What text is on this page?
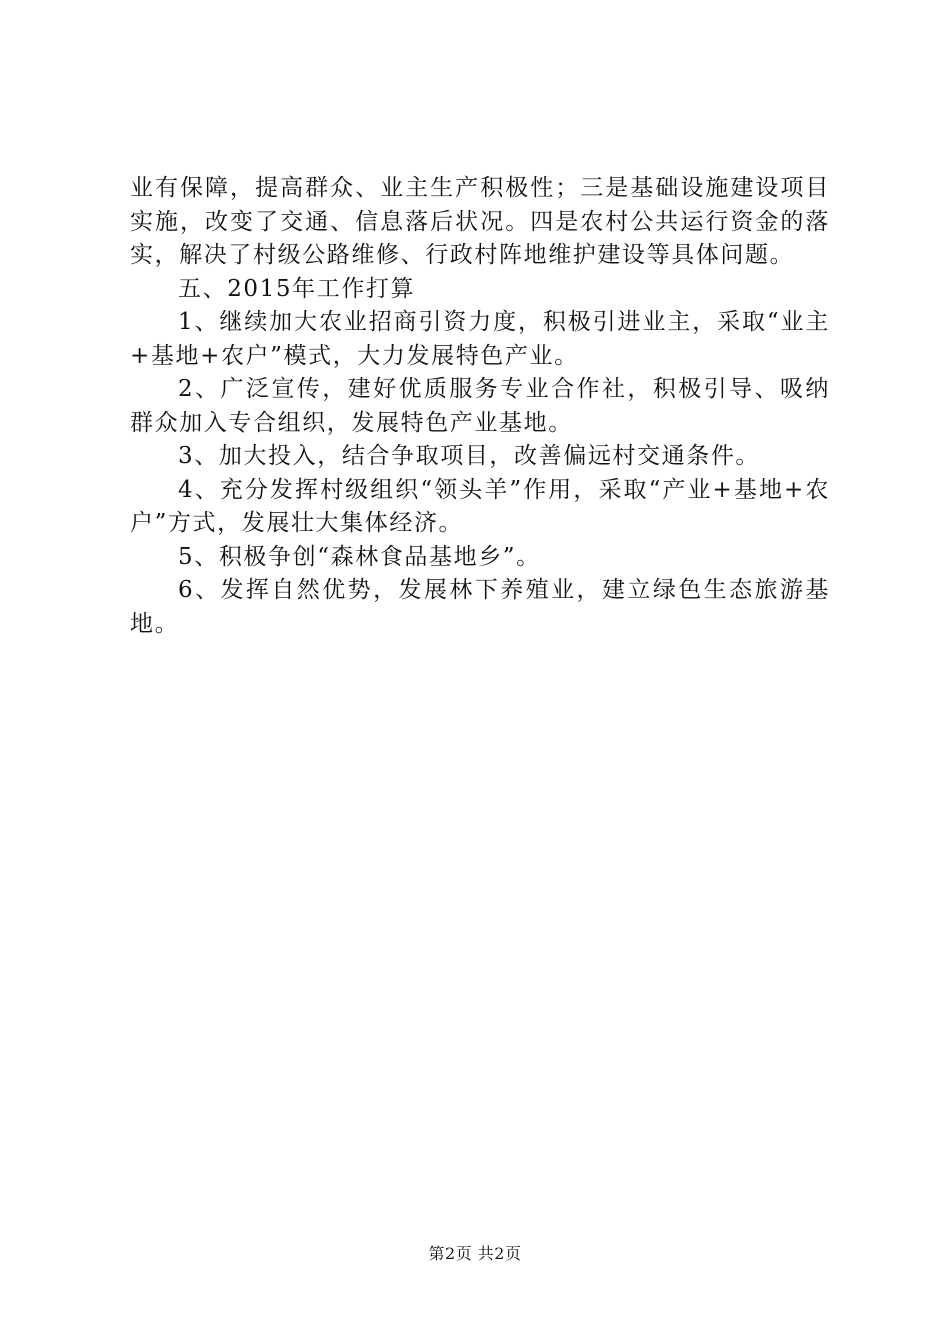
业有保障，提高群众、业主生产积极性；三是基础设施建设项目实施，改变了交通、信息落后状况。四是农村公共运行资金的落实，解决了村级公路维修、行政村阵地维护建设等具体问题。

五、2015年工作打算

1、继续加大农业招商引资力度，积极引进业主，采取“业主+基地+农户”模式，大力发展特色产业。

2、广泛宣传，建好优质服务专业合作社，积极引导、吸纳群众加入专合组织，发展特色产业基地。

3、加大投入，结合争取项目，改善偏远村交通条件。

4、充分发挥村级组织“领头羊”作用，采取“产业+基地+农户”方式，发展壮大集体经济。

5、积极争创“森林食品基地乡”。

6、发挥自然优势，发展林下养殖业，建立绿色生态旅游基地。

第2页 共2页
